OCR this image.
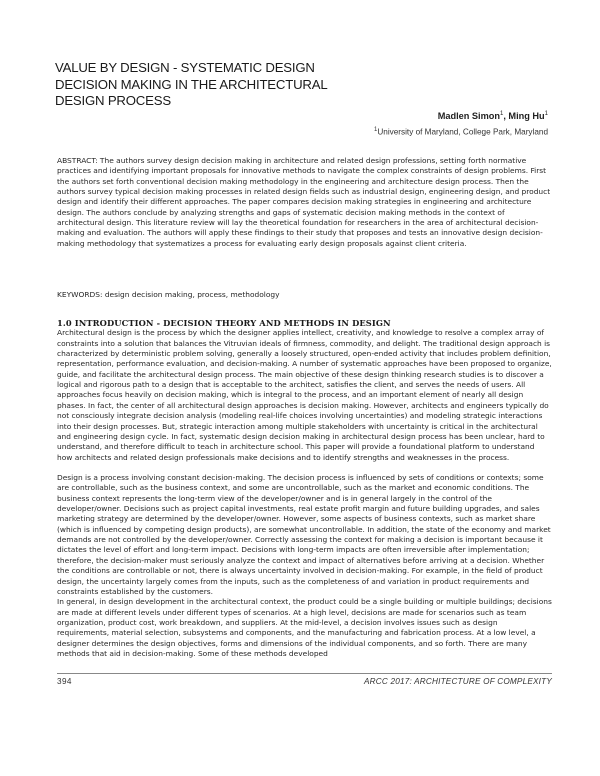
VALUE BY DESIGN - SYSTEMATIC DESIGN
DECISION MAKING IN THE ARCHITECTURAL
DESIGN PROCESS
Madlen Simon$^1$, Ming Hu$^1$
$^1$University of Maryland, College Park, Maryland

ABSTRACT: The authors survey design decision making in architecture and related design professions, setting forth normative practices and identifying important proposals for innovative methods to navigate the complex constraints of design problems. First the authors set forth conventional decision making methodology in the engineering and architecture design process. Then the authors survey typical decision making processes in related design fields such as industrial design, engineering design, and product design and identify their different approaches. The paper compares decision making strategies in engineering and architecture design. The authors conclude by analyzing strengths and gaps of systematic decision making methods in the context of architectural design. This literature review will lay the theoretical foundation for researchers in the area of architectural decision-making and evaluation. The authors will apply these findings to their study that proposes and tests an innovative design decision-making methodology that systematizes a process for evaluating early design proposals against client criteria.

KEYWORDS: design decision making, process, methodology

1.0 INTRODUCTION - DECISION THEORY AND METHODS IN DESIGN

Architectural design is the process by which the designer applies intellect, creativity, and knowledge to resolve a complex array of constraints into a solution that balances the Vitruvian ideals of firmness, commodity, and delight. The traditional design approach is characterized by deterministic problem solving, generally a loosely structured, open-ended activity that includes problem definition, representation, performance evaluation, and decision-making. A number of systematic approaches have been proposed to organize, guide, and facilitate the architectural design process. The main objective of these design thinking research studies is to discover a logical and rigorous path to a design that is acceptable to the architect, satisfies the client, and serves the needs of users. All approaches focus heavily on decision making, which is integral to the process, and an important element of nearly all design phases. In fact, the center of all architectural design approaches is decision making. However, architects and engineers typically do not consciously integrate decision analysis (modeling real-life choices involving uncertainties) and modeling strategic interactions into their design processes. But, strategic interaction among multiple stakeholders with uncertainty is critical in the architectural and engineering design cycle. In fact, systematic design decision making in architectural design process has been unclear, hard to understand, and therefore difficult to teach in architecture school. This paper will provide a foundational platform to understand how architects and related design professionals make decisions and to identify strengths and weaknesses in the process.

Design is a process involving constant decision-making. The decision process is influenced by sets of conditions or contexts; some are controllable, such as the business context, and some are uncontrollable, such as the market and economic conditions. The business context represents the long-term view of the developer/owner and is in general largely in the control of the developer/owner. Decisions such as project capital investments, real estate profit margin and future building upgrades, and sales marketing strategy are determined by the developer/owner. However, some aspects of business contexts, such as market share (which is influenced by competing design products), are somewhat uncontrollable. In addition, the state of the economy and market demands are not controlled by the developer/owner. Correctly assessing the context for making a decision is important because it dictates the level of effort and long-term impact. Decisions with long-term impacts are often irreversible after implementation; therefore, the decision-maker must seriously analyze the context and impact of alternatives before arriving at a decision. Whether the conditions are controllable or not, there is always uncertainty involved in decision-making. For example, in the field of product design, the uncertainty largely comes from the inputs, such as the completeness of and variation in product requirements and constraints established by the customers.

In general, in design development in the architectural context, the product could be a single building or multiple buildings; decisions are made at different levels under different types of scenarios. At a high level, decisions are made for scenarios such as team organization, product cost, work breakdown, and suppliers. At the mid-level, a decision involves issues such as design requirements, material selection, subsystems and components, and the manufacturing and fabrication process. At a low level, a designer determines the design objectives, forms and dimensions of the individual components, and so forth. There are many methods that aid in decision-making. Some of these methods developed

394	ARCC 2017: ARCHITECTURE OF COMPLEXITY
